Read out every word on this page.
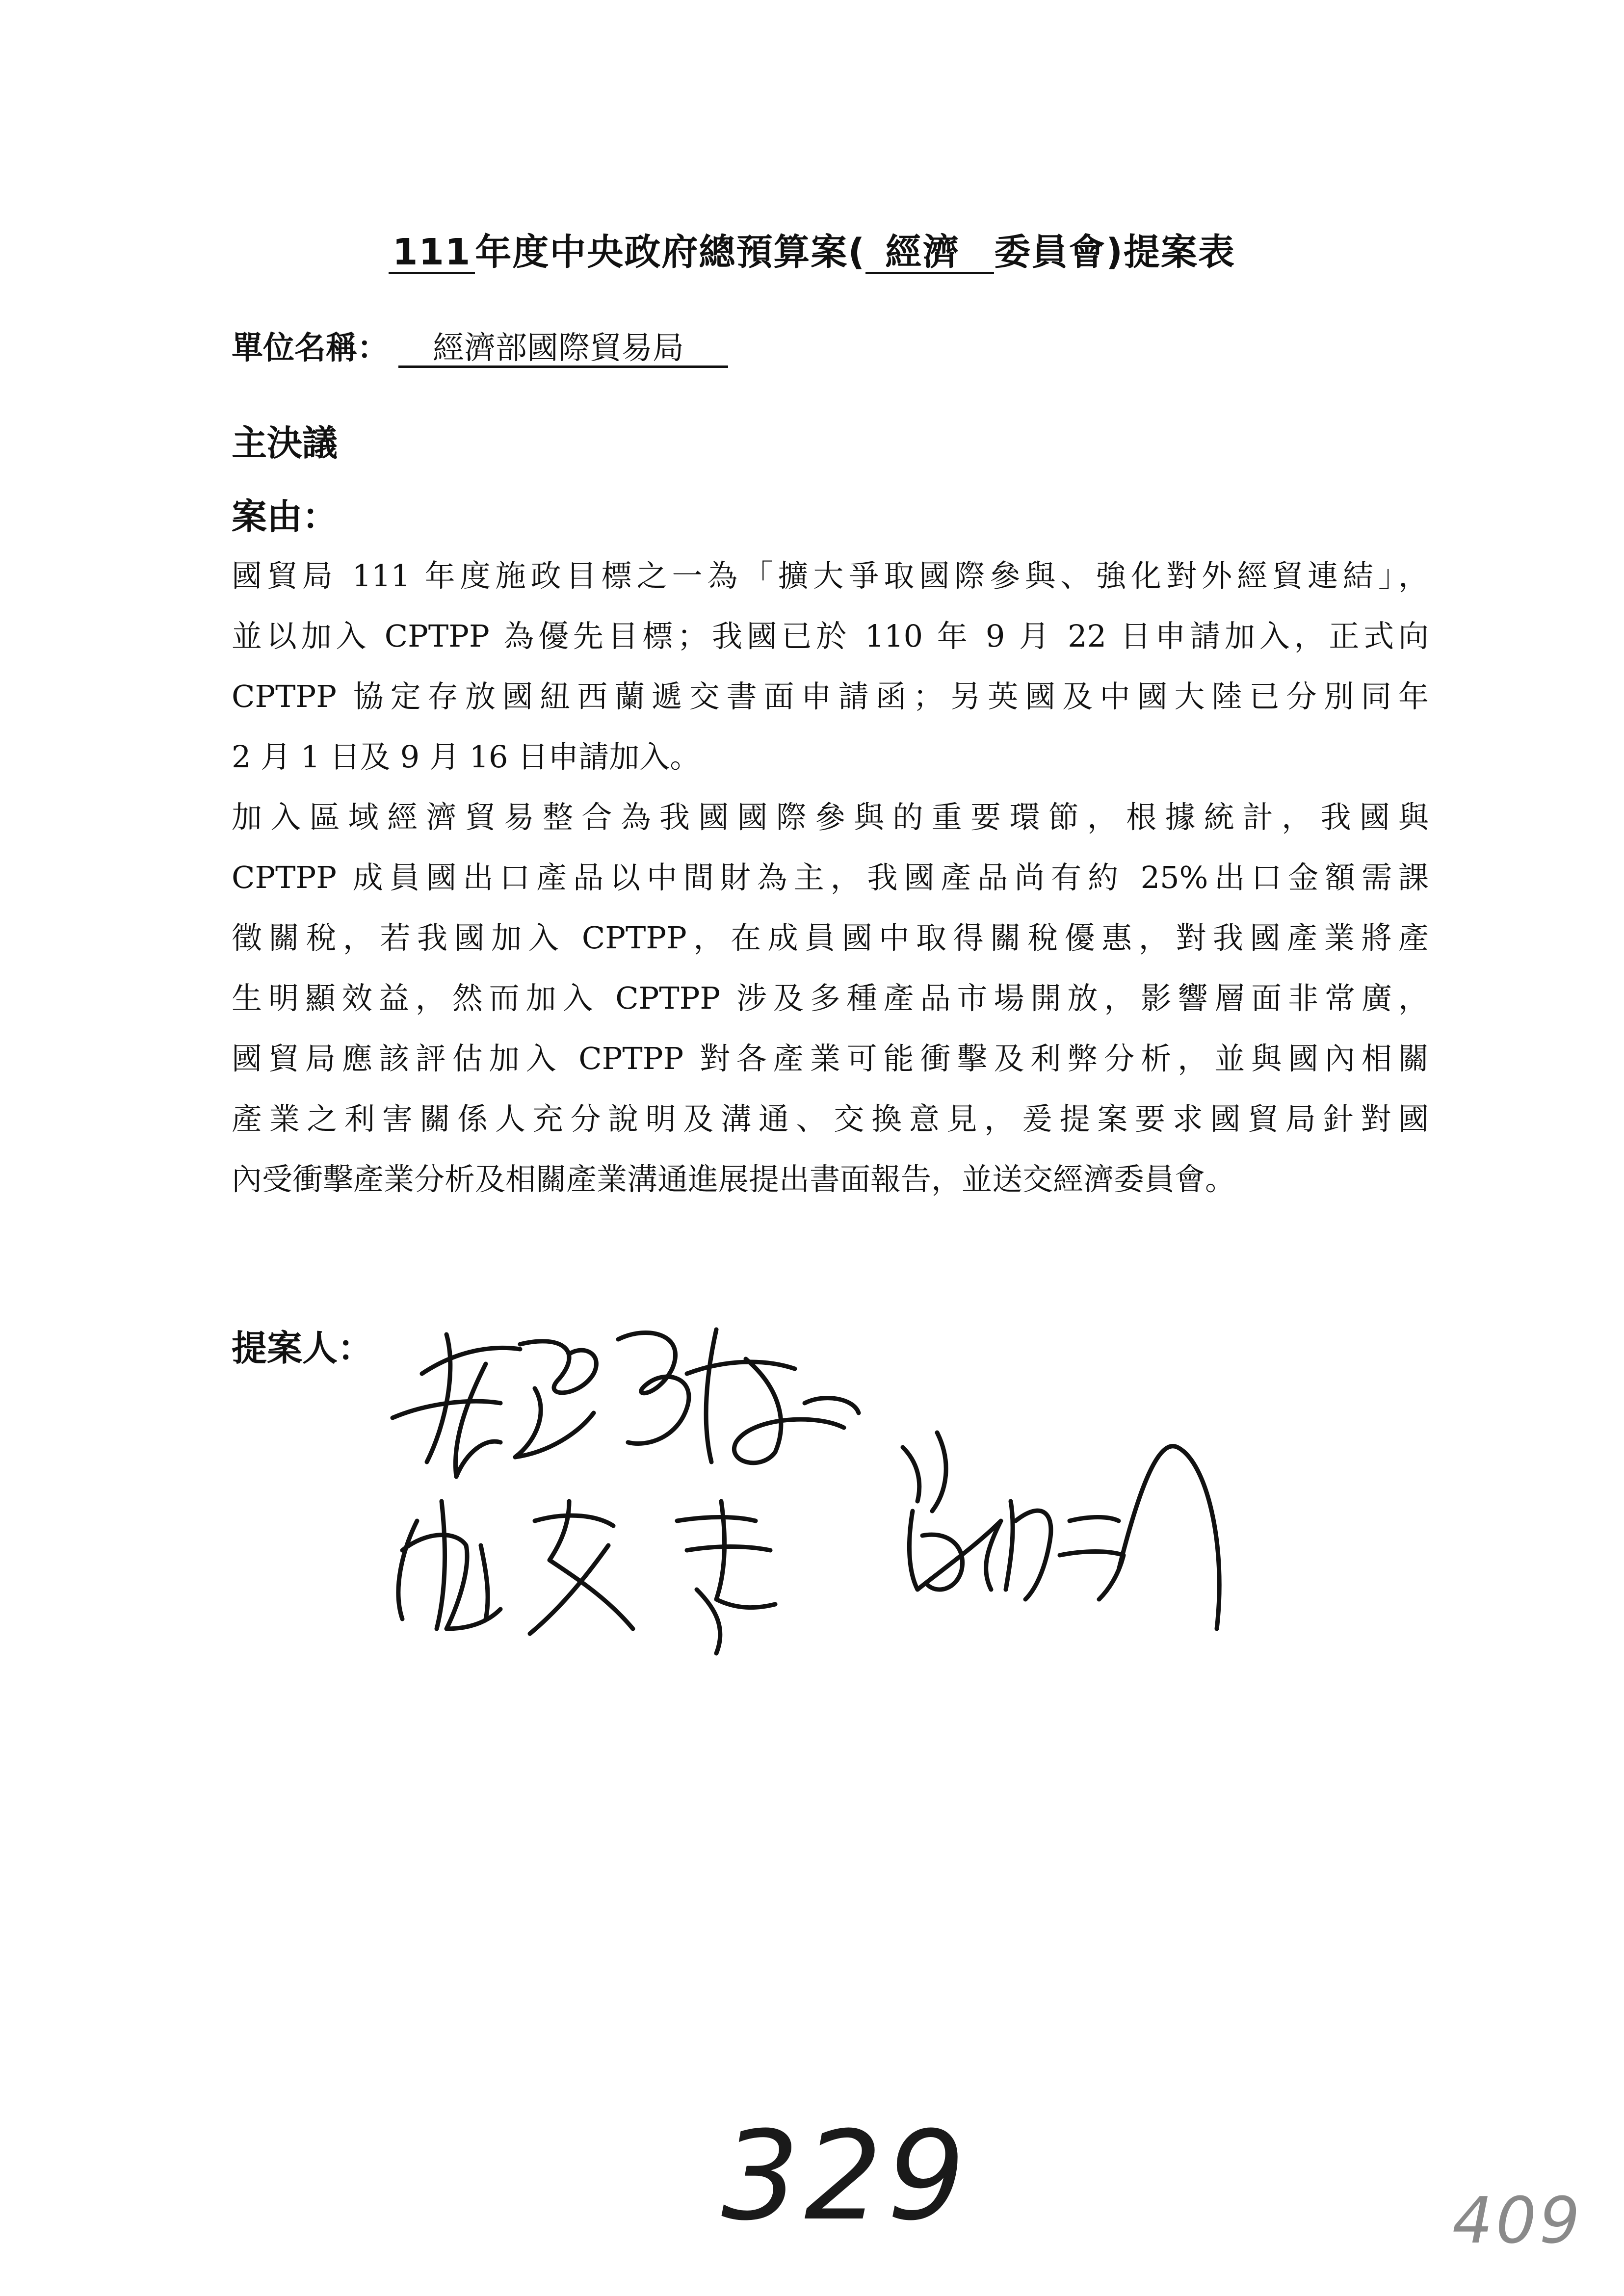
111 年度中央政府總預算案( 經濟 委員會)提案表
單位名稱： 經濟部國際貿易局
主決議
案由：
國貿局 111 年度施政目標之一為「擴大爭取國際參與、強化對外經貿連結」，
並以加入 CPTPP 為優先目標；我國已於 110 年 9 月 22 日申請加入，正式向
CPTPP 協定存放國紐西蘭遞交書面申請函；另英國及中國大陸已分別同年
2 月 1 日及 9 月 16 日申請加入。
加入區域經濟貿易整合為我國國際參與的重要環節，根據統計，我國與
CPTPP 成員國出口產品以中間財為主，我國產品尚有約 25%出口金額需課
徵關稅，若我國加入 CPTPP，在成員國中取得關稅優惠，對我國產業將產
生明顯效益，然而加入 CPTPP 涉及多種產品市場開放，影響層面非常廣，
國貿局應該評估加入 CPTPP 對各產業可能衝擊及利弊分析，並與國內相關
產業之利害關係人充分說明及溝通、交換意見，爰提案要求國貿局針對國
內受衝擊產業分析及相關產業溝通進展提出書面報告，並送交經濟委員會。
提案人：
329	409
